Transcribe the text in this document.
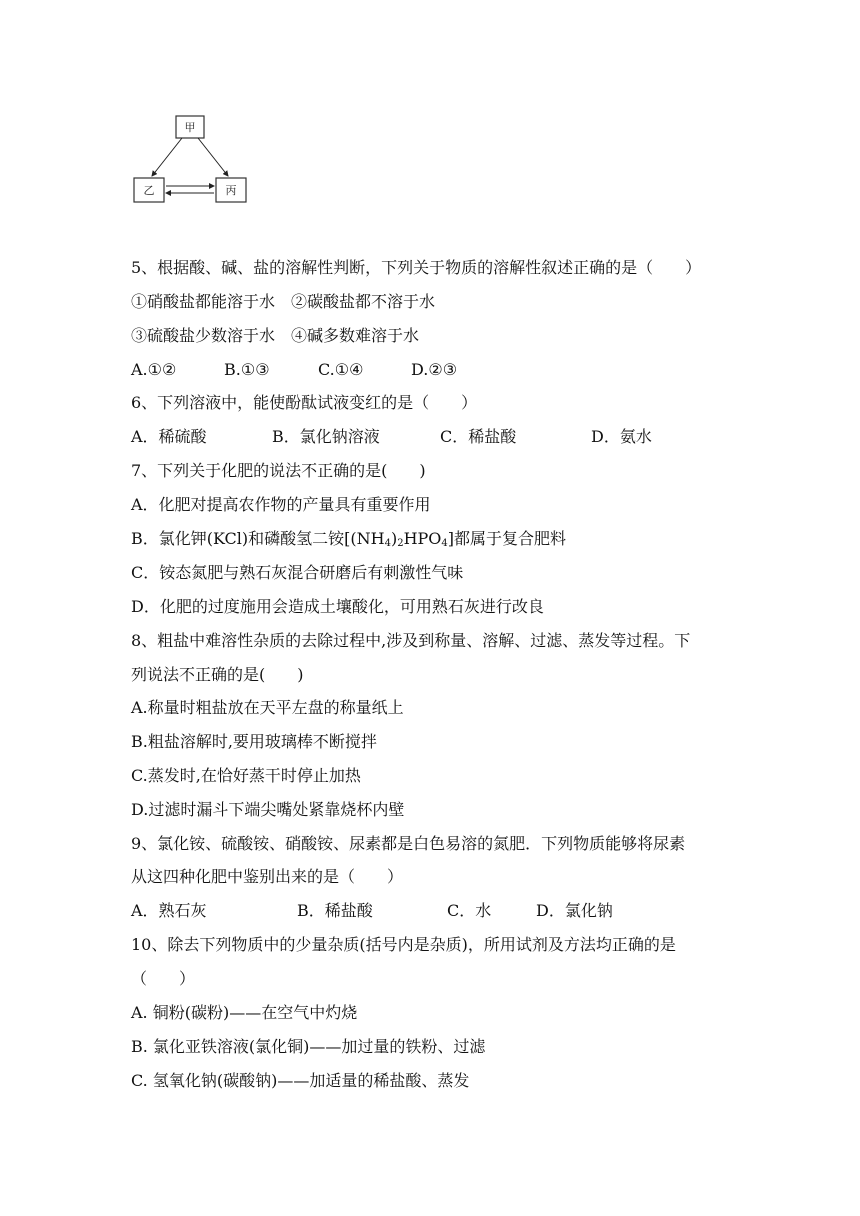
甲
乙	丙
5、根据酸、碱、盐的溶解性判断，下列关于物质的溶解性叙述正确的是（　　）
①硝酸盐都能溶于水　②碳酸盐都不溶于水
③硫酸盐少数溶于水　④碱多数难溶于水
A.①②	B.①③	C.①④	D.②③
6、下列溶液中，能使酚酞试液变红的是（　　）
A．稀硫酸	B．氯化钠溶液	C．稀盐酸	D．氨水
7、下列关于化肥的说法不正确的是(　　)
A．化肥对提高农作物的产量具有重要作用
B．氯化钾(KCl)和磷酸氢二铵$[(NH_4)_2HPO_4]$都属于复合肥料
C．铵态氮肥与熟石灰混合研磨后有刺激性气味
D．化肥的过度施用会造成土壤酸化，可用熟石灰进行改良
8、粗盐中难溶性杂质的去除过程中,涉及到称量、溶解、过滤、蒸发等过程。下
列说法不正确的是(　　)
A.称量时粗盐放在天平左盘的称量纸上
B.粗盐溶解时,要用玻璃棒不断搅拌
C.蒸发时,在恰好蒸干时停止加热
D.过滤时漏斗下端尖嘴处紧靠烧杯内壁
9、氯化铵、硫酸铵、硝酸铵、尿素都是白色易溶的氮肥．下列物质能够将尿素
从这四种化肥中鉴别出来的是（　　）
A．熟石灰	B．稀盐酸	C．水	D．氯化钠
10、除去下列物质中的少量杂质(括号内是杂质)，所用试剂及方法均正确的是
（　　）
A. 铜粉(碳粉)——在空气中灼烧
B. 氯化亚铁溶液(氯化铜)——加过量的铁粉、过滤
C. 氢氧化钠(碳酸钠)——加适量的稀盐酸、蒸发
